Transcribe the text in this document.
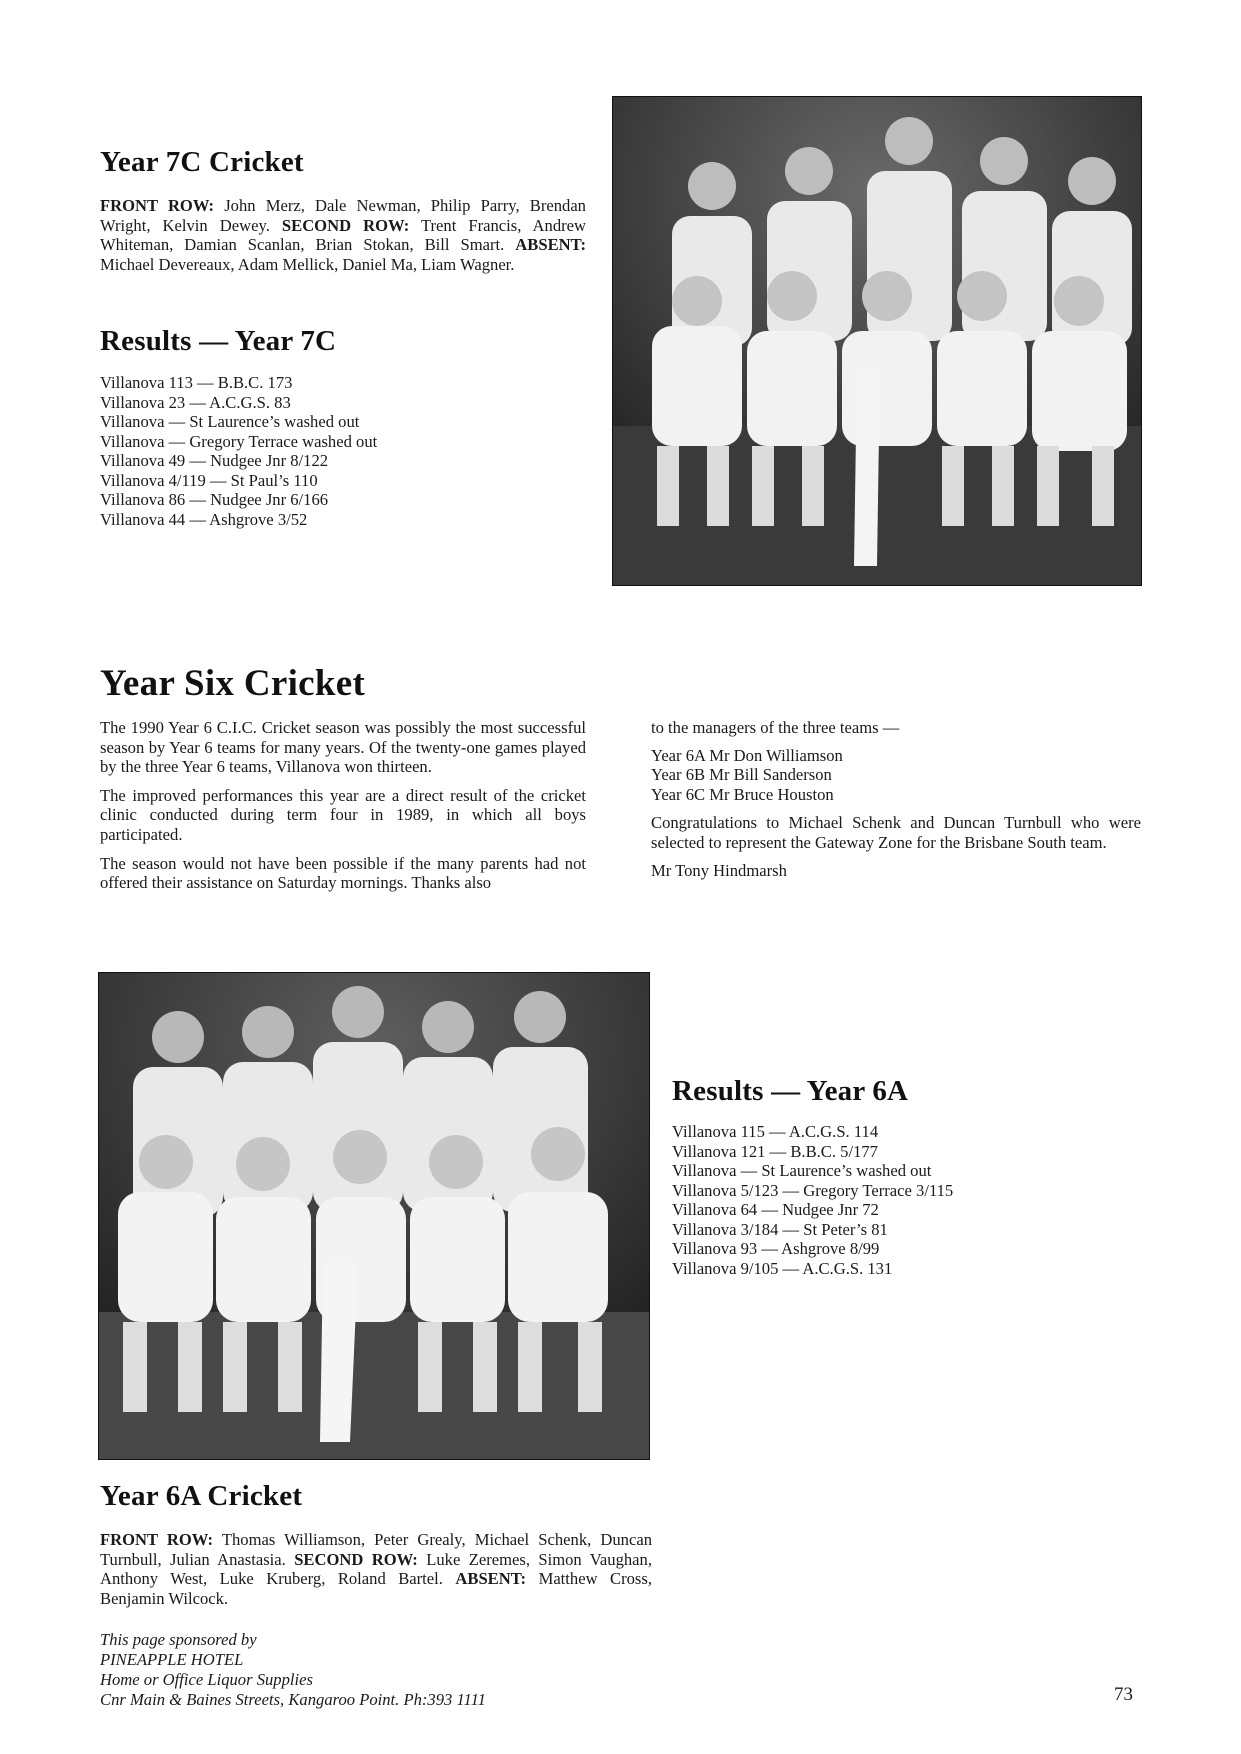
Year 7C Cricket

FRONT ROW: John Merz, Dale Newman, Philip Parry, Brendan Wright, Kelvin Dewey. SECOND ROW: Trent Francis, Andrew Whiteman, Damian Scanlan, Brian Stokan, Bill Smart. ABSENT: Michael Devereaux, Adam Mellick, Daniel Ma, Liam Wagner.

Results — Year 7C
Villanova 113 — B.B.C. 173
Villanova 23 — A.C.G.S. 83
Villanova — St Laurence’s washed out
Villanova — Gregory Terrace washed out
Villanova 49 — Nudgee Jnr 8/122
Villanova 4/119 — St Paul’s 110
Villanova 86 — Nudgee Jnr 6/166
Villanova 44 — Ashgrove 3/52
Year Six Cricket

The 1990 Year 6 C.I.C. Cricket season was possibly the most successful season by Year 6 teams for many years. Of the twenty-one games played by the three Year 6 teams, Villanova won thirteen.

The improved performances this year are a direct result of the cricket clinic conducted during term four in 1989, in which all boys participated.

The season would not have been possible if the many parents had not offered their assistance on Saturday mornings. Thanks also

to the managers of the three teams —

Year 6A Mr Don Williamson
Year 6B Mr Bill Sanderson
Year 6C Mr Bruce Houston

Congratulations to Michael Schenk and Duncan Turnbull who were selected to represent the Gateway Zone for the Brisbane South team.

Mr Tony Hindmarsh

Results — Year 6A
Villanova 115 — A.C.G.S. 114
Villanova 121 — B.B.C. 5/177
Villanova — St Laurence’s washed out
Villanova 5/123 — Gregory Terrace 3/115
Villanova 64 — Nudgee Jnr 72
Villanova 3/184 — St Peter’s 81
Villanova 93 — Ashgrove 8/99
Villanova 9/105 — A.C.G.S. 131
Year 6A Cricket

FRONT ROW: Thomas Williamson, Peter Grealy, Michael Schenk, Duncan Turnbull, Julian Anastasia. SECOND ROW: Luke Zeremes, Simon Vaughan, Anthony West, Luke Kruberg, Roland Bartel. ABSENT: Matthew Cross, Benjamin Wilcock.

This page sponsored by
PINEAPPLE HOTEL
Home or Office Liquor Supplies
Cnr Main & Baines Streets, Kangaroo Point. Ph:393 1111	73
